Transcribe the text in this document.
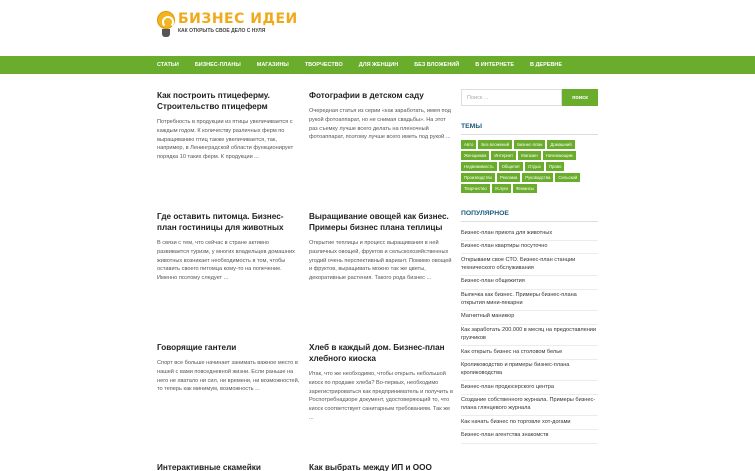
БИЗНЕС ИДЕИ
КАК ОТКРЫТЬ СВОЕ ДЕЛО С НУЛЯ
СТАТЬИ	БИЗНЕС-ПЛАНЫ	МАГАЗИНЫ	ТВОРЧЕСТВО	ДЛЯ ЖЕНЩИН	БЕЗ ВЛОЖЕНИЙ	В ИНТЕРНЕТЕ	В ДЕРЕВНЕ
Как построить птицеферму. Строительство птицеферм
Потребность в продукции из птицы увеличивается с каждым годом. К количеству различных ферм по выращиванию птиц также увеличивается, так, например, в Ленинградской области функционирует порядка 10 таких ферм. К продукции ...
Фотографии в детском саду
Очередная статья из серии «как заработать, имея под рукой фотоаппарат, но не снимая свадьбы». На этот раз съемку лучше всего делать на пленочный фотоаппарат, поэтому лучше всего иметь под рукой ...
Где оставить питомца. Бизнес-план гостиницы для животных
В связи с тем, что сейчас в стране активно развивается туризм, у многих владельцев домашних животных возникает необходимость в том, чтобы оставить своего питомца кому-то на попечение. Именно поэтому следует ...
Выращивание овощей как бизнес. Примеры бизнес плана теплицы
Открытие теплицы и процесс выращивания в ней различных овощей, фруктов и сельскохозяйственных угодий очень перспективный вариант. Помимо овощей и фруктов, выращивать можно так же цветы, декоративные растения. Такого рода бизнес ...
Говорящие гантели
Спорт все больше начинает занимать важное место в нашей с вами повседневной жизни. Если раньше на него не хватало ни сил, ни времени, ни возможностей, то теперь как минимум, возможность ...
Хлеб в каждый дом. Бизнес-план хлебного киоска
Итак, что же необходимо, чтобы открыть небольшой киоск по продаже хлеба? Во-первых, необходимо зарегистрироваться как предприниматель и получить в Роспотребнадзоре документ, удостоверяющий то, что киоск соответствует санитарным требованиям. Так же ...
Интерактивные скамейки	Как выбрать между ИП и ООО
Поиск ...
поиск
ТЕМЫ
Авто	Без вложений	Бизнес-план	Домашний
Женщинам	Интернет	Магазин	Начинающим
Недвижимость	Общепит	Отдых	Право
Производство	Реклама	Руководства	Сельский
Творчество	Услуги	Финансы
ПОПУЛЯРНОЕ
Бизнес-план приюта для животных
Бизнес-план квартиры посуточно
Открываем свое СТО. Бизнес-план станции технического обслуживания
Бизнес-план общежития
Выпечка как бизнес. Примеры бизнес-плана открытия мини-пекарни
Магнитный маникюр
Как заработать 200.000 в месяц на предоставлении грузчиков
Как открыть бизнес на столовом белье
Кролиководство и примеры бизнес-плана кролиководства
Бизнес-план продюсерского центра
Создание собственного журнала. Примеры бизнес-плана глянцевого журнала
Как начать бизнес по торговле хот-догами
Бизнес-план агентства знакомств
